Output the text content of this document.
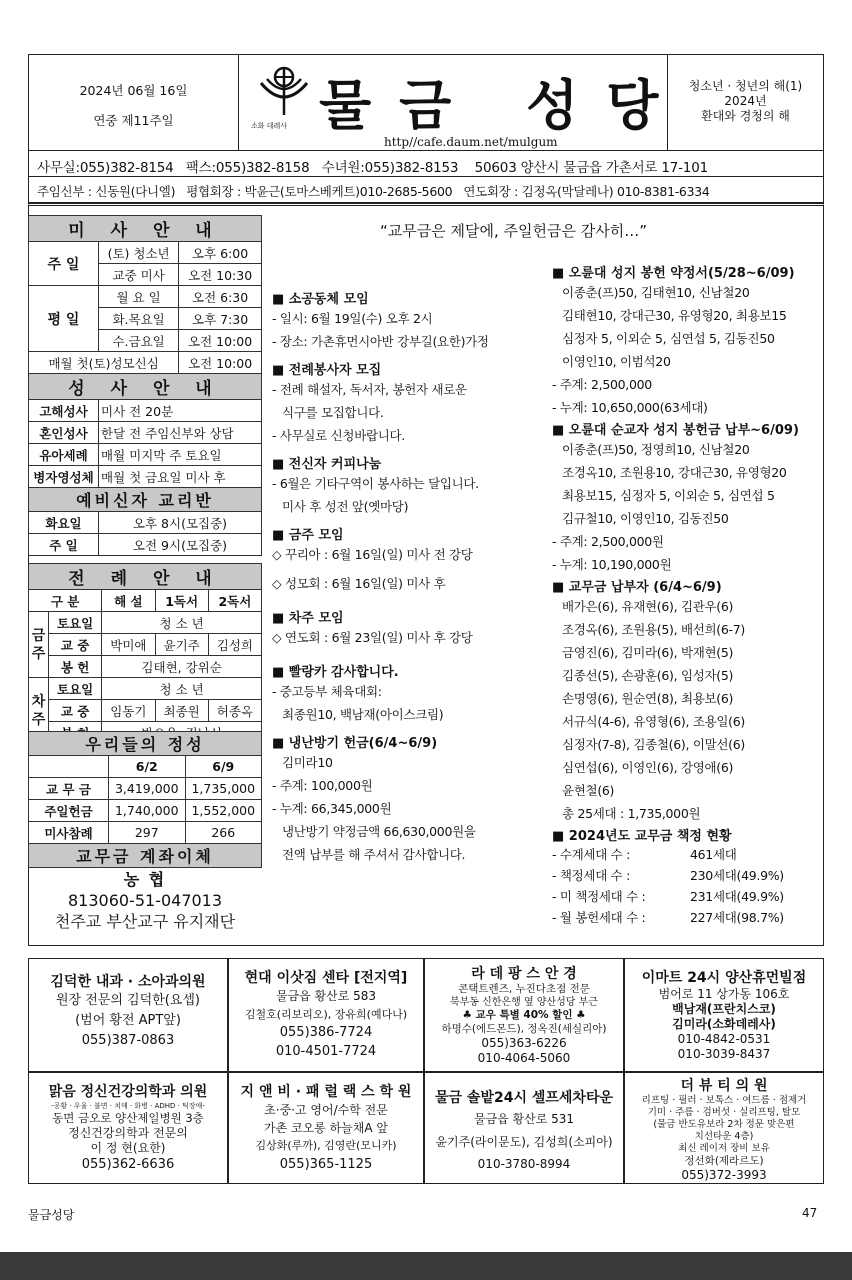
2024년 06월 16일
연중 제11주일	소화 데레사 물금 성당
http//cafe.daum.net/mulgum
청소년 · 청년의 해(1)
2024년
환대와 경청의 해
사무실:055)382-8154 팩스:055)382-8158 수녀원:055)382-8153 50603 양산시 물금읍 가촌서로 17-101
주임신부 : 신동원(다니엘) 평협회장 : 박윤근(토마스베케트)010-2685-5600 연도회장 : 김정옥(막달레나) 010-8381-6334
미 사 안 내		
주 일	(토) 청소년	오후 6:00
	교중 미사	오전 10:30
평 일	월 요 일	오전 6:30
	화.목요일	오후 7:30
	수.금요일	오전 10:00
매월 첫(토)성모신심		오전 10:00
성 사 안 내		
고해성사	미사 전 20분	
혼인성사	한달 전 주임신부와 상담	
유아세례	매월 미지막 주 토요일	
병자영성체	매월 첫 금요일 미사 후	
예비신자 교리반		
화요일	오후 8시(모집중)	
주 일	오전 9시(모집중)	
전 례 안 내				
구 분		해 설	1독서	2독서
금주	토요일	청 소 년		
	교 중	박미애	윤기주	김성희
	봉 헌	김태현, 강위순		
차주	토요일	청 소 년		
	교 중	임동기	최종원	허종옥

우리들의 정성		
	6/2	6/9
교 무 금	3,419,000	1,735,000
주일헌금	1,740,000	1,552,000
미사참례	297	266
교무금 계좌이체		
농 협
813060-51-047013
천주교 부산교구 유지재단
“교무금은 제달에, 주일헌금은 감사히…”
■ 소공동체 모임
- 일시: 6월 19일(수) 오후 2시
- 장소: 가촌휴먼시아반 강부길(요한)가정
■ 전례봉사자 모집
- 전례 해설자, 독서자, 봉헌자 새로운
식구를 모집합니다.
- 사무실로 신청바랍니다.
■ 전신자 커피나눔
- 6월은 기타구역이 봉사하는 달입니다.
미사 후 성전 앞(옛마당)
■ 금주 모임
◇ 꾸리아 : 6월 16일(일) 미사 전 강당
◇ 성모회 : 6월 16일(일) 미사 후
■ 차주 모임
◇ 연도회 : 6월 23일(일) 미사 후 강당
■ 빨랑카 감사합니다.
- 중고등부 체육대회:
최종원10, 백남재(아이스크림)
■ 냉난방기 헌금(6/4~6/9)
김미라10
- 주계: 100,000원
- 누계: 66,345,000원
냉난방기 약정금액 66,630,000원을
전액 납부를 해 주셔서 감사합니다.
■ 오륜대 성지 봉헌 약정서(5/28~6/09)
이종춘(프)50, 김태현10, 신남철20
김태현10, 강대근30, 유영형20, 최용보15
심정자 5, 이외순 5, 심연섭 5, 김동진50
이영인10, 이범석20
- 주계: 2,500,000
- 누계: 10,650,000(63세대)
■ 오륜대 순교자 성지 봉헌금 납부~6/09)
이종춘(프)50, 정영희10, 신남철20
조경옥10, 조원용10, 강대근30, 유영형20
최용보15, 심정자 5, 이외순 5, 심연섭 5
김규철10, 이영인10, 김동진50
- 주계: 2,500,000원
- 누계: 10,190,000원
■ 교무금 납부자 (6/4~6/9)
배가은(6), 유재현(6), 김관우(6)
조경옥(6), 조원용(5), 배선희(6-7)
금영진(6), 김미라(6), 박재현(5)
김종선(5), 손광훈(6), 임성자(5)
손명영(6), 원순연(8), 최용보(6)
서규식(4-6), 유영형(6), 조용일(6)
심정자(7-8), 김종철(6), 이말선(6)
심연섭(6), 이영인(6), 강영애(6)
윤현철(6)
총 25세대 : 1,735,000원
■ 2024년도 교무금 책정 현황
- 수계세대 수 :	461세대
- 책정세대 수 :	230세대(49.9%)
- 미 책정세대 수 :	231세대(49.9%)
- 월 봉헌세대 수 :	227세대(98.7%)
김덕한 내과 · 소아과의원
원장 전문의 김덕한(요셉)
(범어 황전 APT앞)
055)387-0863
현대 이삿짐 센타 [전지역]
물금읍 황산로 583
김철호(리보리오), 장유희(예다나)
055)386-7724
010-4501-7724
라 데 팡 스 안 경
콘택트렌즈, 누진다초점 전문
북부동 신한은행 옆 양산성당 부근
♣ 교우 특별 40% 할인 ♣
하명수(에드몬드), 정옥진(세실리아)
055)363-6226
010-4064-5060
이마트 24시 양산휴먼빌점
범어로 11 상가동 106호
백남재(프란치스코)
김미라(소화데레사)
010-4842-0531
010-3039-8437
맑음 정신건강의학과 의원
-공황 · 우울 · 불면 · 치매 · 화병 · ADHD · 틱장애-
동면 금오로 양산제일병원 3층
정신건강의학과 전문의
이 정 현(요한)
055)362-6636
지 앤 비 · 패 럴 랙 스 학 원
초·중·고 영어/수학 전문
가촌 코오롱 하늘채A 앞
김상화(루까), 김영란(모니카)
055)365-1125
물금 솔밭24시 셀프세차타운
물금읍 황산로 531
윤기주(라이문도), 김성희(소피아)
010-3780-8994
더 뷰 티 의 원
리프팅 · 필러 · 보톡스 · 여드름 · 점제거
기미 · 주름 · 검버섯 · 실리프팅, 탈모
(물금 반도유보라 2차 정문 맞은편
치선타운 4층)
최신 레이저 장비 보유
정선화(제라르도)
055)372-3993
물금성당	47
